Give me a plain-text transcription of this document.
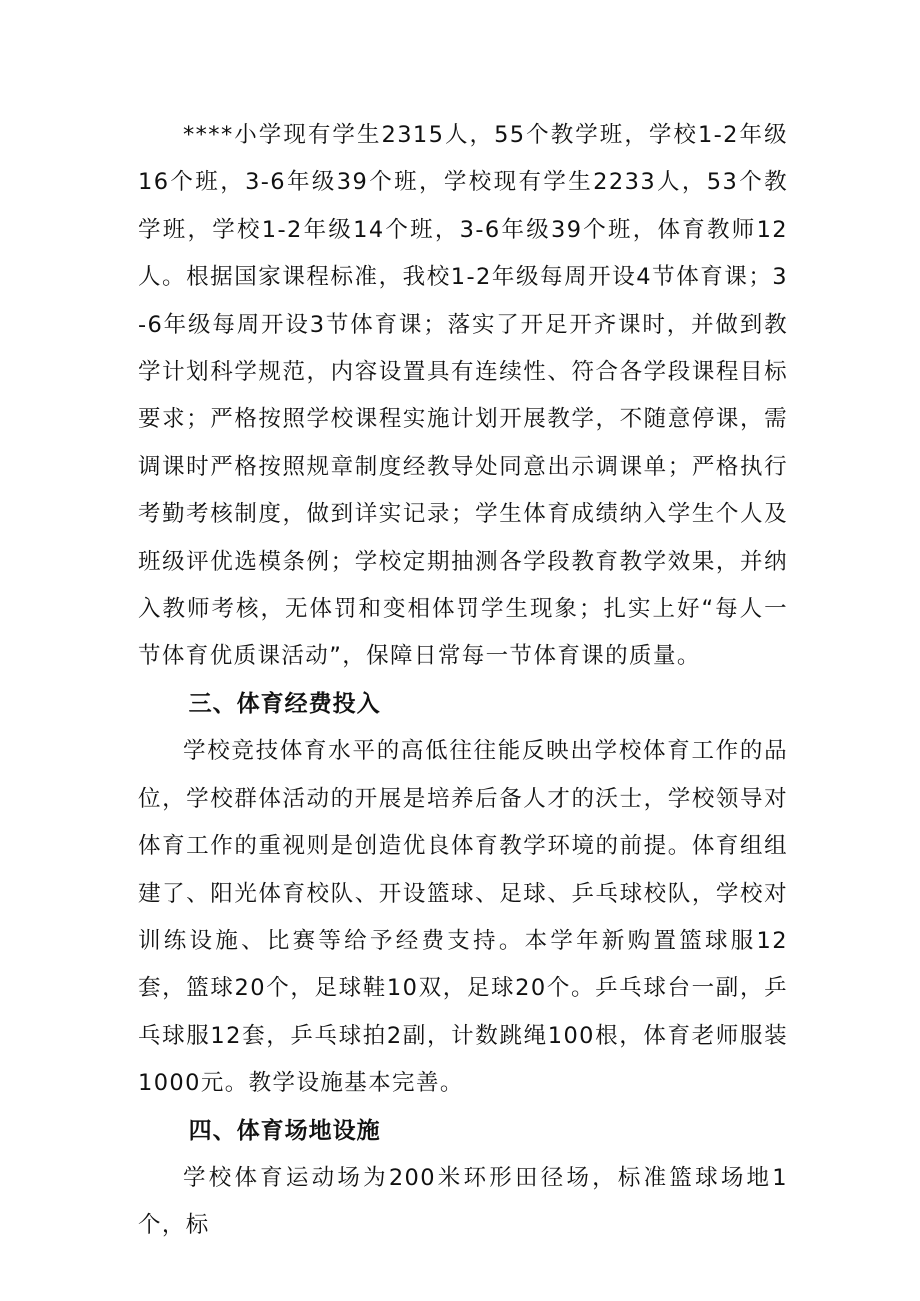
****小学现有学生2315人，55个教学班，学校1-2年级16个班，3-6年级39个班，学校现有学生2233人，53个教学班，学校1-2年级14个班，3-6年级39个班，体育教师12人。根据国家课程标准，我校1-2年级每周开设4节体育课；3-6年级每周开设3节体育课；落实了开足开齐课时，并做到教学计划科学规范，内容设置具有连续性、符合各学段课程目标要求；严格按照学校课程实施计划开展教学，不随意停课，需调课时严格按照规章制度经教导处同意出示调课单；严格执行考勤考核制度，做到详实记录；学生体育成绩纳入学生个人及班级评优选模条例；学校定期抽测各学段教育教学效果，并纳入教师考核，无体罚和变相体罚学生现象；扎实上好“每人一节体育优质课活动”，保障日常每一节体育课的质量。

三、体育经费投入

学校竞技体育水平的高低往往能反映出学校体育工作的品位，学校群体活动的开展是培养后备人才的沃士，学校领导对体育工作的重视则是创造优良体育教学环境的前提。体育组组建了、阳光体育校队、开设篮球、足球、乒乓球校队，学校对训练设施、比赛等给予经费支持。本学年新购置篮球服12套，篮球20个，足球鞋10双，足球20个。乒乓球台一副，乒乓球服12套，乒乓球拍2副，计数跳绳100根，体育老师服装1000元。教学设施基本完善。

四、体育场地设施

学校体育运动场为200米环形田径场，标准篮球场地1个，标
